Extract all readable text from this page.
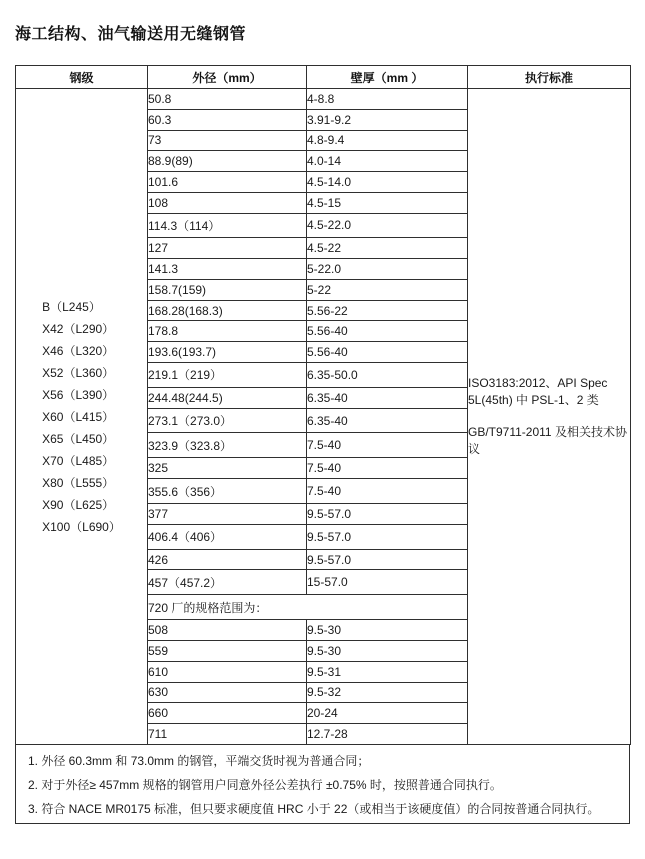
海工结构、油气输送用无缝钢管
钢级	外径（mm）	壁厚（mm ）	执行标准

B（L245）
X42（L290）
X46（L320）
X52（L360）
X56（L390）
X60（L415）
X65（L450）
X70（L485）
X80（L555）
X90（L625）
X100（L690）
	50.8	4-8.8	

ISO3183:2012、API Spec 5L(45th) 中 PSL-1、2 类

GB/T9711-2011 及相关技术协议

	60.3	3.91-9.2	
	73	4.8-9.4	
	88.9(89)	4.0-14	
	101.6	4.5-14.0	
	108	4.5-15	
	114.3（114）	4.5-22.0	
	127	4.5-22	
	141.3	5-22.0	
	158.7(159)	5-22	
	168.28(168.3)	5.56-22	
	178.8	5.56-40	
	193.6(193.7)	5.56-40	
	219.1（219）	6.35-50.0	
	244.48(244.5)	6.35-40	
	273.1（273.0）	6.35-40	
	323.9（323.8）	7.5-40	
	325	7.5-40	
	355.6（356）	7.5-40	
	377	9.5-57.0	
	406.4（406）	9.5-57.0	
	426	9.5-57.0	
	457（457.2）	15-57.0	
	720 厂的规格范围为：		
	508	9.5-30	
	559	9.5-30	
	610	9.5-31	
	630	9.5-32	
	660	20-24	
	711	12.7-28	

1. 外径 60.3mm 和 73.0mm 的钢管，平端交货时视为普通合同；

2. 对于外径≥ 457mm 规格的钢管用户同意外径公差执行 ±0.75% 时，按照普通合同执行。

3. 符合 NACE MR0175 标准，但只要求硬度值 HRC 小于 22（或相当于该硬度值）的合同按普通合同执行。
